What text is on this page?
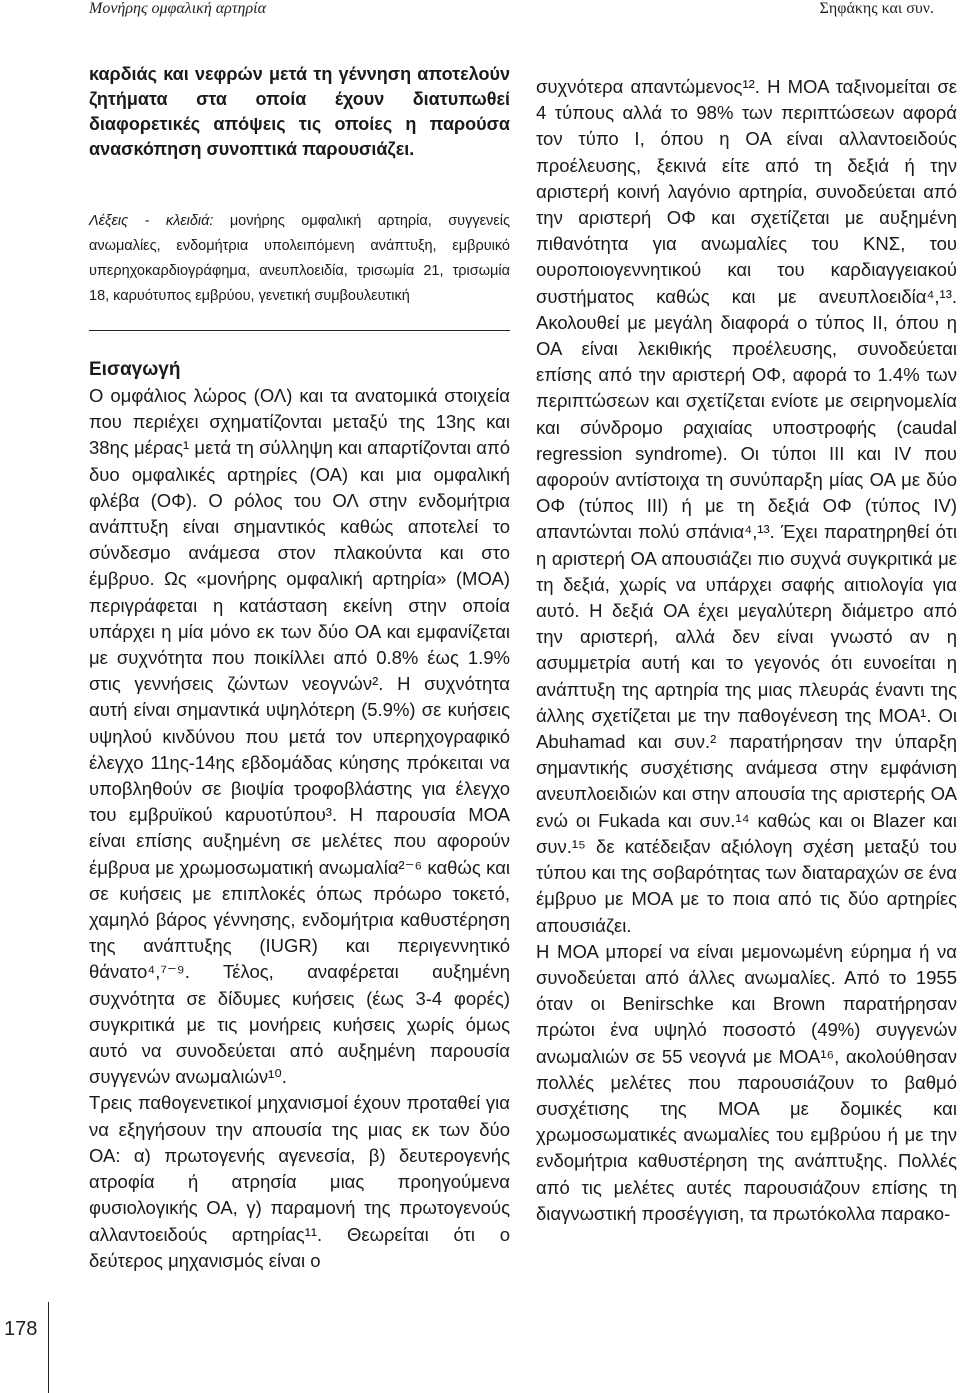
Μονήρης ομφαλική αρτηρία	Σηφάκης και συν.

καρδιάς και νεφρών μετά τη γέννηση αποτελούν ζητήματα στα οποία έχουν διατυπωθεί διαφορετικές απόψεις τις οποίες η παρούσα ανασκόπηση συνοπτικά παρουσιάζει.

Λέξεις - κλειδιά: μονήρης ομφαλική αρτηρία, συγγενείς ανωμαλίες, ενδομήτρια υπολειπόμενη ανάπτυξη, εμβρυικό υπερηχοκαρδιογράφημα, ανευπλοειδία, τρισωμία 21, τρισωμία 18, καρυότυπος εμβρύου, γενετική συμβουλευτική

Εισαγωγή

Ο ομφάλιος λώρος (ΟΛ) και τα ανατομικά στοιχεία που περιέχει σχηματίζονται μεταξύ της 13ης και 38ης μέρας¹ μετά τη σύλληψη και απαρτίζονται από δυο ομφαλικές αρτηρίες (ΟΑ) και μια ομφαλική φλέβα (ΟΦ). Ο ρόλος του ΟΛ στην ενδομήτρια ανάπτυξη είναι σημαντικός καθώς αποτελεί το σύνδεσμο ανάμεσα στον πλακούντα και στο έμβρυο. Ως «μονήρης ομφαλική αρτηρία» (ΜΟΑ) περιγράφεται η κατάσταση εκείνη στην οποία υπάρχει η μία μόνο εκ των δύο ΟΑ και εμφανίζεται με συχνότητα που ποικίλλει από 0.8% έως 1.9% στις γεννήσεις ζώντων νεογνών². Η συχνότητα αυτή είναι σημαντικά υψηλότερη (5.9%) σε κυήσεις υψηλού κινδύνου που μετά τον υπερηχογραφικό έλεγχο 11ης-14ης εβδομάδας κύησης πρόκειται να υποβληθούν σε βιοψία τροφοβλάστης για έλεγχο του εμβρυϊκού καρυοτύπου³. Η παρουσία ΜΟΑ είναι επίσης αυξημένη σε μελέτες που αφορούν έμβρυα με χρωμοσωματική ανωμαλία²⁻⁶ καθώς και σε κυήσεις με επιπλοκές όπως πρόωρο τοκετό, χαμηλό βάρος γέννησης, ενδομήτρια καθυστέρηση της ανάπτυξης (IUGR) και περιγεννητικό θάνατο⁴,⁷⁻⁹. Τέλος, αναφέρεται αυξημένη συχνότητα σε δίδυμες κυήσεις (έως 3-4 φορές) συγκριτικά με τις μονήρεις κυήσεις χωρίς όμως αυτό να συνοδεύεται από αυξημένη παρουσία συγγενών ανωμαλιών¹⁰.

Τρεις παθογενετικοί μηχανισμοί έχουν προταθεί για να εξηγήσουν την απουσία της μιας εκ των δύο ΟΑ: α) πρωτογενής αγενεσία, β) δευτερογενής ατροφία ή ατρησία μιας προηγούμενα φυσιολογικής ΟΑ, γ) παραμονή της πρωτογενούς αλλαντοειδούς αρτηρίας¹¹. Θεωρείται ότι ο δεύτερος μηχανισμός είναι ο

συχνότερα απαντώμενος¹². Η ΜΟΑ ταξινομείται σε 4 τύπους αλλά το 98% των περιπτώσεων αφορά τον τύπο Ι, όπου η ΟΑ είναι αλλαντοειδούς προέλευσης, ξεκινά είτε από τη δεξιά ή την αριστερή κοινή λαγόνιο αρτηρία, συνοδεύεται από την αριστερή ΟΦ και σχετίζεται με αυξημένη πιθανότητα για ανωμαλίες του ΚΝΣ, του ουροποιογεννητικού και του καρδιαγγειακού συστήματος καθώς και με ανευπλοειδία⁴,¹³. Ακολουθεί με μεγάλη διαφορά ο τύπος ΙΙ, όπου η ΟΑ είναι λεκιθικής προέλευσης, συνοδεύεται επίσης από την αριστερή ΟΦ, αφορά το 1.4% των περιπτώσεων και σχετίζεται ενίοτε με σειρηνομελία και σύνδρομο ραχιαίας υποστροφής (caudal regression syndrome). Οι τύποι ΙΙΙ και ΙV που αφορούν αντίστοιχα τη συνύπαρξη μίας ΟΑ με δύο ΟΦ (τύπος ΙΙΙ) ή με τη δεξιά ΟΦ (τύπος IV) απαντώνται πολύ σπάνια⁴,¹³. Έχει παρατηρηθεί ότι η αριστερή ΟΑ απουσιάζει πιο συχνά συγκριτικά με τη δεξιά, χωρίς να υπάρχει σαφής αιτιολογία για αυτό. Η δεξιά ΟΑ έχει μεγαλύτερη διάμετρο από την αριστερή, αλλά δεν είναι γνωστό αν η ασυμμετρία αυτή και το γεγονός ότι ευνοείται η ανάπτυξη της αρτηρία της μιας πλευράς έναντι της άλλης σχετίζεται με την παθογένεση της ΜΟΑ¹. Οι Abuhamad και συν.² παρατήρησαν την ύπαρξη σημαντικής συσχέτισης ανάμεσα στην εμφάνιση ανευπλοειδιών και στην απουσία της αριστερής ΟΑ ενώ οι Fukada και συν.¹⁴ καθώς και οι Blazer και συν.¹⁵ δε κατέδειξαν αξιόλογη σχέση μεταξύ του τύπου και της σοβαρότητας των διαταραχών σε ένα έμβρυο με ΜΟΑ με το ποια από τις δύο αρτηρίες απουσιάζει.

Η ΜΟΑ μπορεί να είναι μεμονωμένη εύρημα ή να συνοδεύεται από άλλες ανωμαλίες. Από το 1955 όταν οι Benirschke και Brown παρατήρησαν πρώτοι ένα υψηλό ποσοστό (49%) συγγενών ανωμαλιών σε 55 νεογνά με ΜΟΑ¹⁶, ακολούθησαν πολλές μελέτες που παρουσιάζουν το βαθμό συσχέτισης της ΜΟΑ με δομικές και χρωμοσωματικές ανωμαλίες του εμβρύου ή με την ενδομήτρια καθυστέρηση της ανάπτυξης. Πολλές από τις μελέτες αυτές παρουσιάζουν επίσης τη διαγνωστική προσέγγιση, τα πρωτόκολλα παρακο-

178
